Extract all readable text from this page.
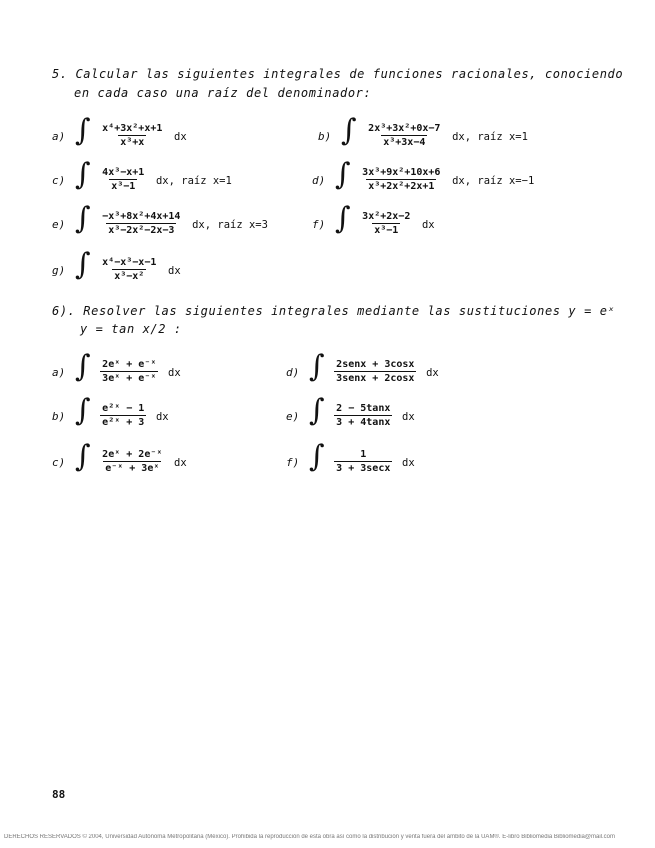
5. Calcular las siguientes integrales de funciones racionales, conociendo
en cada caso una raíz del denominador:
a) ∫ $\frac{\text{x⁴+3x²+x+1}}{\text{x³+x}}$ dx	b) ∫ $\frac{\text{2x³+3x²+0x−7}}{\text{x³+3x−4}}$ dx, raíz x=1
c) ∫ $\frac{\text{4x³−x+1}}{\text{x³−1}}$ dx, raíz x=1	d) ∫ $\frac{\text{3x³+9x²+10x+6}}{\text{x³+2x²+2x+1}}$ dx, raíz x=−1
e) ∫ $\frac{\text{−x³+8x²+4x+14}}{\text{x³−2x²−2x−3}}$ dx, raíz x=3	f) ∫ $\frac{\text{3x²+2x−2}}{\text{x³−1}}$ dx
g) ∫ $\frac{\text{x⁴−x³−x−1}}{\text{x³−x²}}$ dx
6). Resolver las siguientes integrales mediante las sustituciones y = eˣ
y = tan x/2 :
a) ∫ $\frac{\text{2eˣ + e⁻ˣ}}{\text{3eˣ + e⁻ˣ}}$ dx
b) ∫ $\frac{\text{e²ˣ − 1}}{\text{e²ˣ + 3}}$ dx
c) ∫ $\frac{\text{2eˣ + 2e⁻ˣ}}{\text{e⁻ˣ + 3eˣ}}$ dx
d) ∫ $\frac{\text{2senx + 3cosx}}{\text{3senx + 2cosx}}$ dx
e) ∫ $\frac{2 - 5\tan x}{3 + 4\tan x}$ dx
f) ∫ $\frac{1}{3 + 3\sec x}$ dx
88
DERECHOS RESERVADOS © 2004, Universidad Autónoma Metropolitana (México). Prohibida la reproducción de esta obra así como la distribución y venta fuera del ámbito de la UAM®. E-libro Bibliomedia Bibliomedia@mail.com
